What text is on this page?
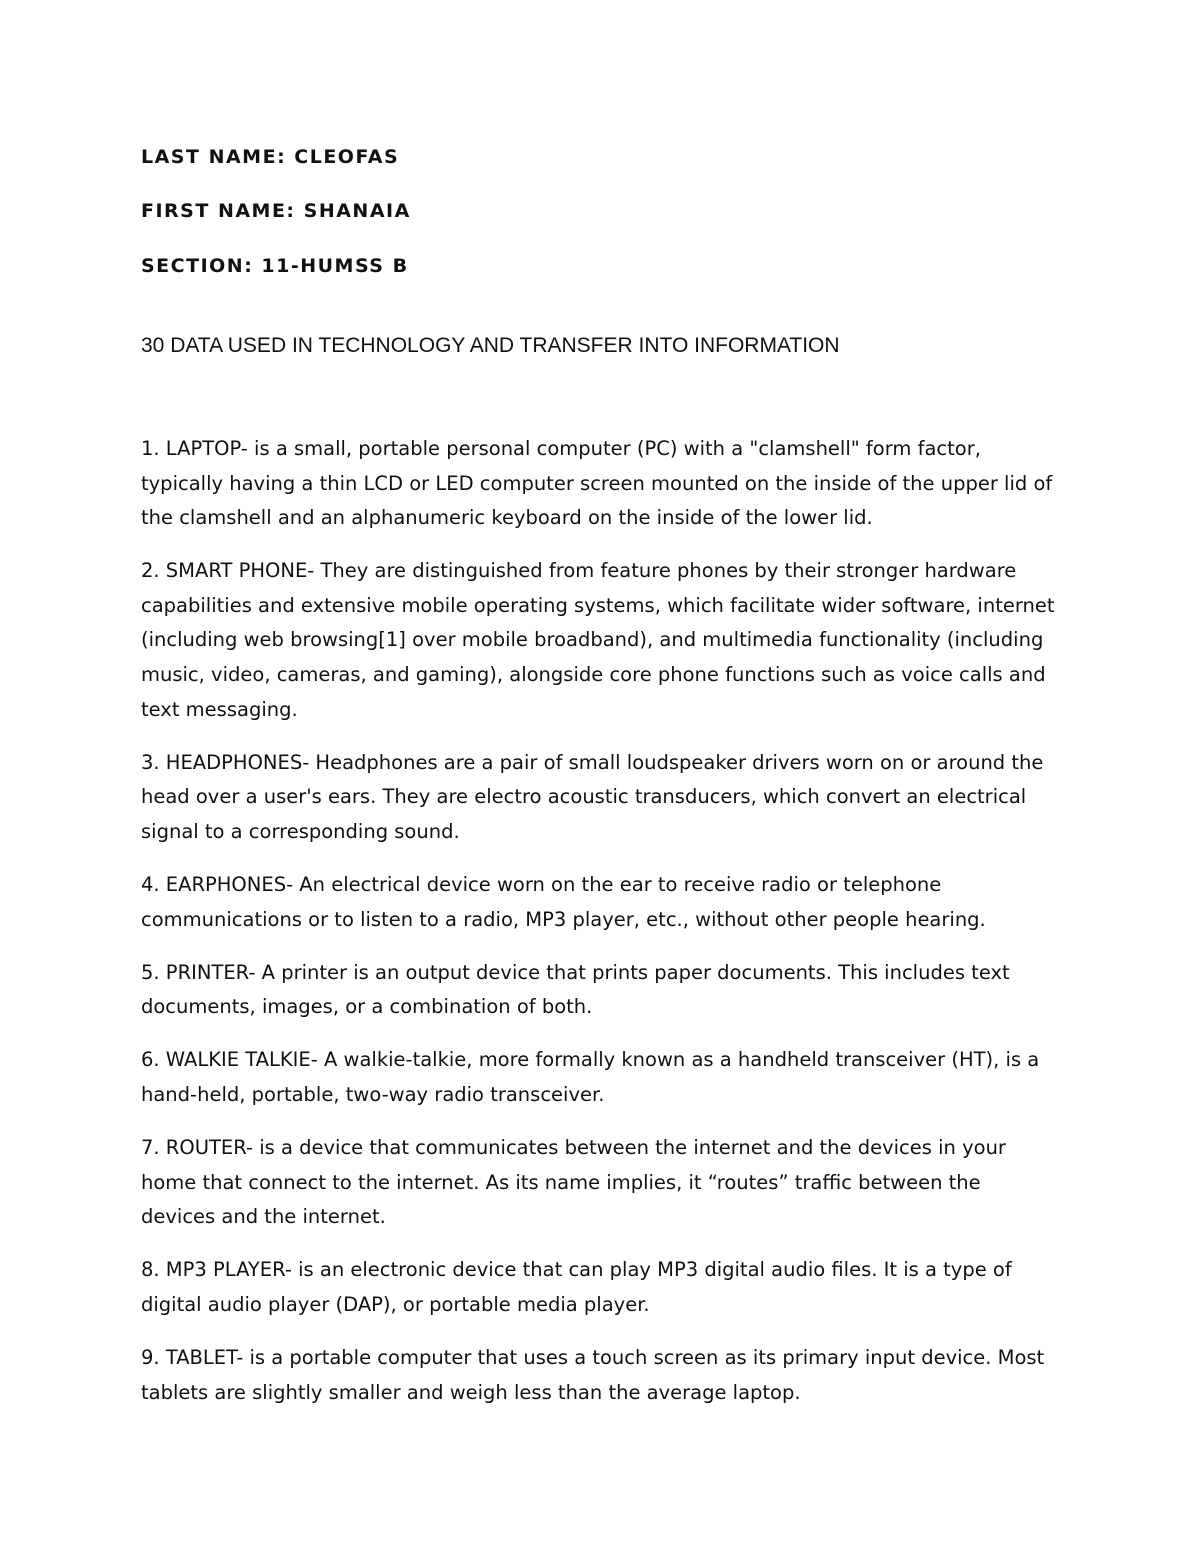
LAST NAME: CLEOFAS
FIRST NAME: SHANAIA
SECTION: 11-HUMSS B
30 DATA USED IN TECHNOLOGY AND TRANSFER INTO INFORMATION

1. LAPTOP- is a small, portable personal computer (PC) with a "clamshell" form factor, typically having a thin LCD or LED computer screen mounted on the inside of the upper lid of the clamshell and an alphanumeric keyboard on the inside of the lower lid.

2. SMART PHONE- They are distinguished from feature phones by their stronger hardware capabilities and extensive mobile operating systems, which facilitate wider software, internet (including web browsing[1] over mobile broadband), and multimedia functionality (including music, video, cameras, and gaming), alongside core phone functions such as voice calls and text messaging.

3. HEADPHONES- Headphones are a pair of small loudspeaker drivers worn on or around the head over a user's ears. They are electro acoustic transducers, which convert an electrical signal to a corresponding sound.

4. EARPHONES- An electrical device worn on the ear to receive radio or telephone communications or to listen to a radio, MP3 player, etc., without other people hearing.

5. PRINTER- A printer is an output device that prints paper documents. This includes text documents, images, or a combination of both.

6. WALKIE TALKIE- A walkie-talkie, more formally known as a handheld transceiver (HT), is a hand-held, portable, two-way radio transceiver.

7. ROUTER- is a device that communicates between the internet and the devices in your home that connect to the internet. As its name implies, it “routes” traffic between the devices and the internet.

8. MP3 PLAYER- is an electronic device that can play MP3 digital audio files. It is a type of digital audio player (DAP), or portable media player.

9. TABLET- is a portable computer that uses a touch screen as its primary input device. Most tablets are slightly smaller and weigh less than the average laptop.
